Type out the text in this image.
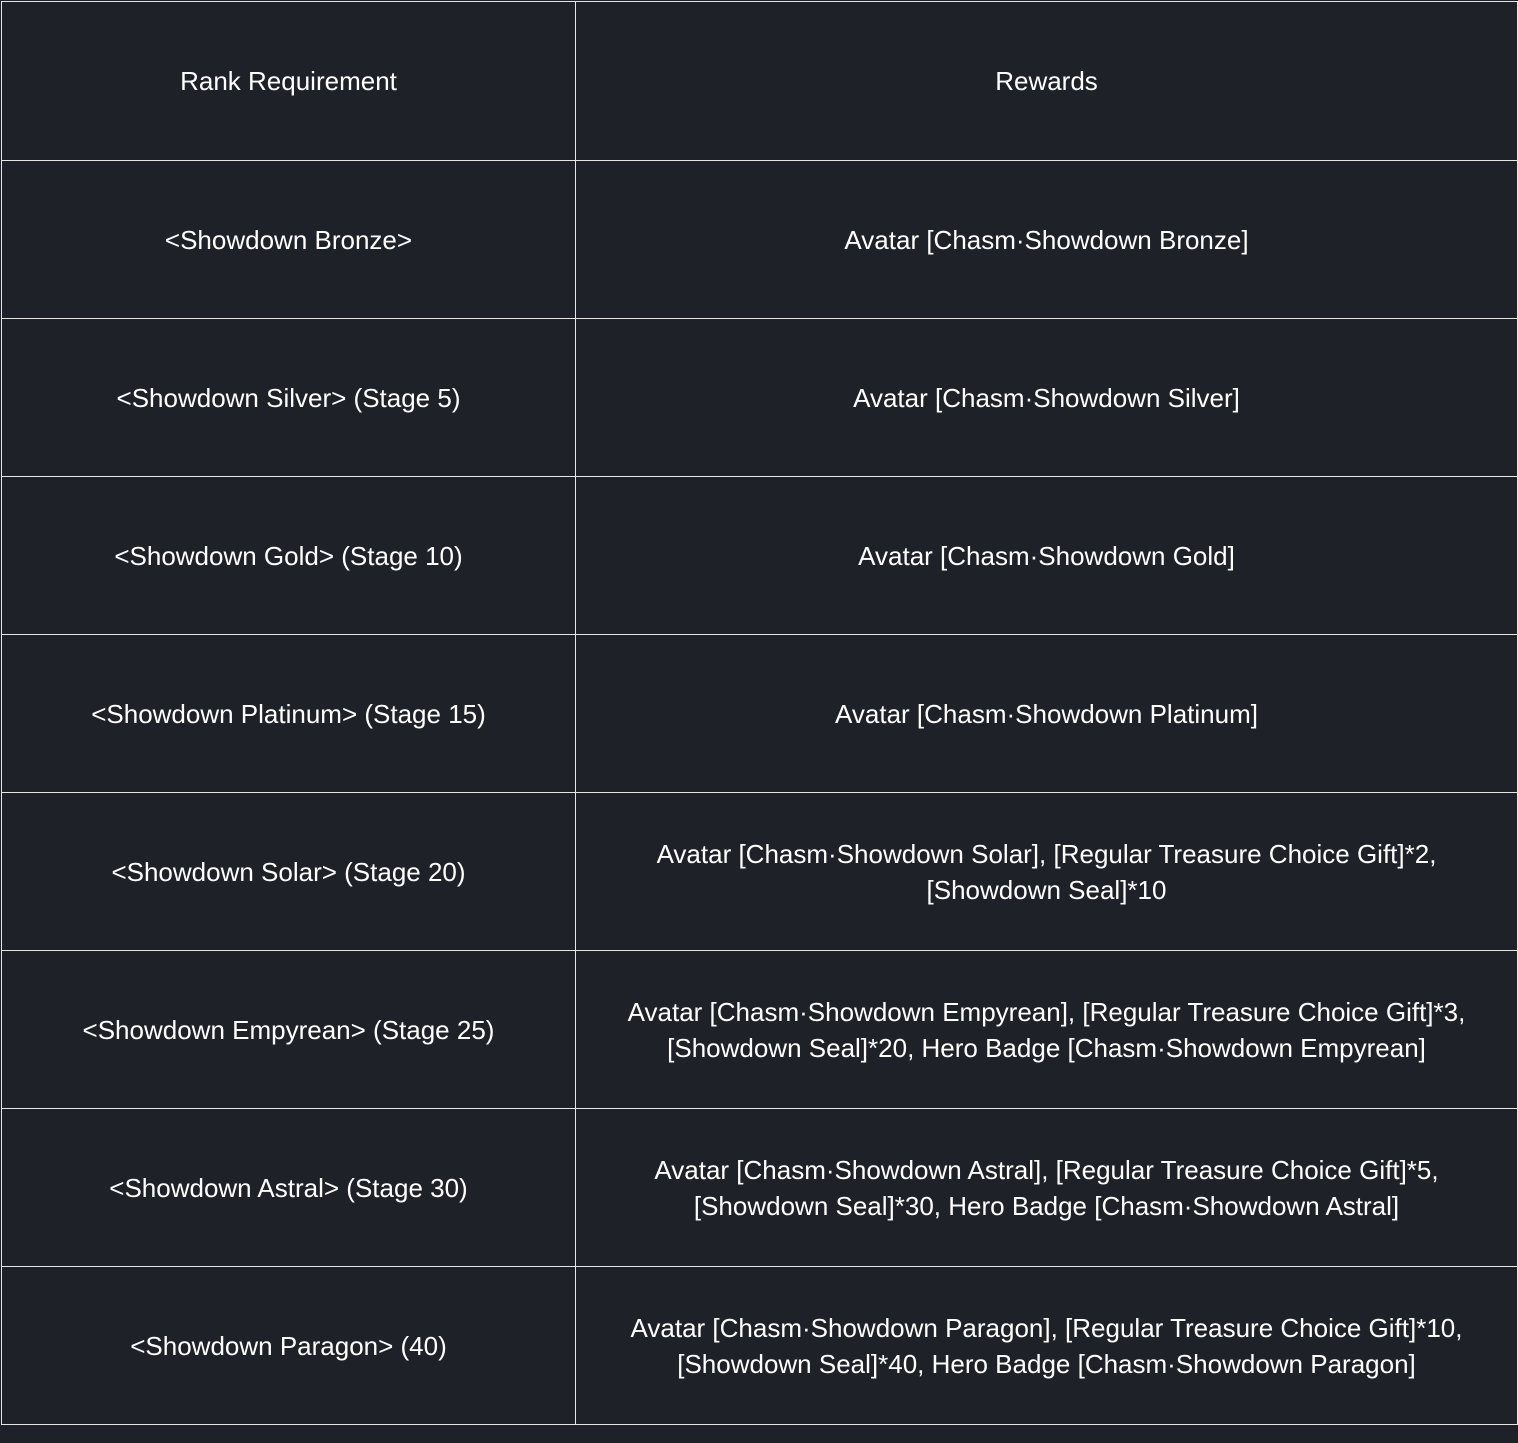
Rank Requirement	Rewards
<Showdown Bronze>	Avatar [Chasm·Showdown Bronze]
<Showdown Silver> (Stage 5)	Avatar [Chasm·Showdown Silver]
<Showdown Gold> (Stage 10)	Avatar [Chasm·Showdown Gold]
<Showdown Platinum> (Stage 15)	Avatar [Chasm·Showdown Platinum]
<Showdown Solar> (Stage 20)	Avatar [Chasm·Showdown Solar], [Regular Treasure Choice Gift]*2, [Showdown Seal]*10
<Showdown Empyrean> (Stage 25)	Avatar [Chasm·Showdown Empyrean], [Regular Treasure Choice Gift]*3, [Showdown Seal]*20, Hero Badge [Chasm·Showdown Empyrean]
<Showdown Astral> (Stage 30)	Avatar [Chasm·Showdown Astral], [Regular Treasure Choice Gift]*5, [Showdown Seal]*30, Hero Badge [Chasm·Showdown Astral]
<Showdown Paragon> (40)	Avatar [Chasm·Showdown Paragon], [Regular Treasure Choice Gift]*10, [Showdown Seal]*40, Hero Badge [Chasm·Showdown Paragon]
